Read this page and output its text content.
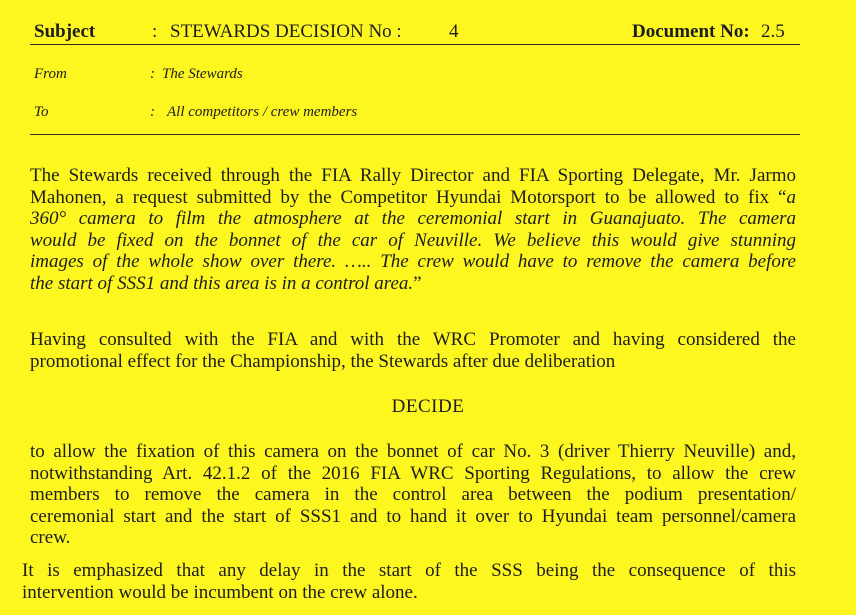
Subject	: STEWARDS DECISION No : 4	Document No: 2.5
From	: The Stewards
To	: All competitors / crew members
The Stewards received through the FIA Rally Director and FIA Sporting Delegate, Mr. Jarmo
Mahonen, a request submitted by the Competitor Hyundai Motorsport to be allowed to fix “a
360° camera to film the atmosphere at the ceremonial start in Guanajuato. The camera
would be fixed on the bonnet of the car of Neuville. We believe this would give stunning
images of the whole show over there. ….. The crew would have to remove the camera before
the start of SSS1 and this area is in a control area.”
Having consulted with the FIA and with the WRC Promoter and having considered the
promotional effect for the Championship, the Stewards after due deliberation
DECIDE
to allow the fixation of this camera on the bonnet of car No. 3 (driver Thierry Neuville) and,
notwithstanding Art. 42.1.2 of the 2016 FIA WRC Sporting Regulations, to allow the crew
members to remove the camera in the control area between the podium presentation/
ceremonial start and the start of SSS1 and to hand it over to Hyundai team personnel/camera
crew.
It is emphasized that any delay in the start of the SSS being the consequence of this
intervention would be incumbent on the crew alone.
